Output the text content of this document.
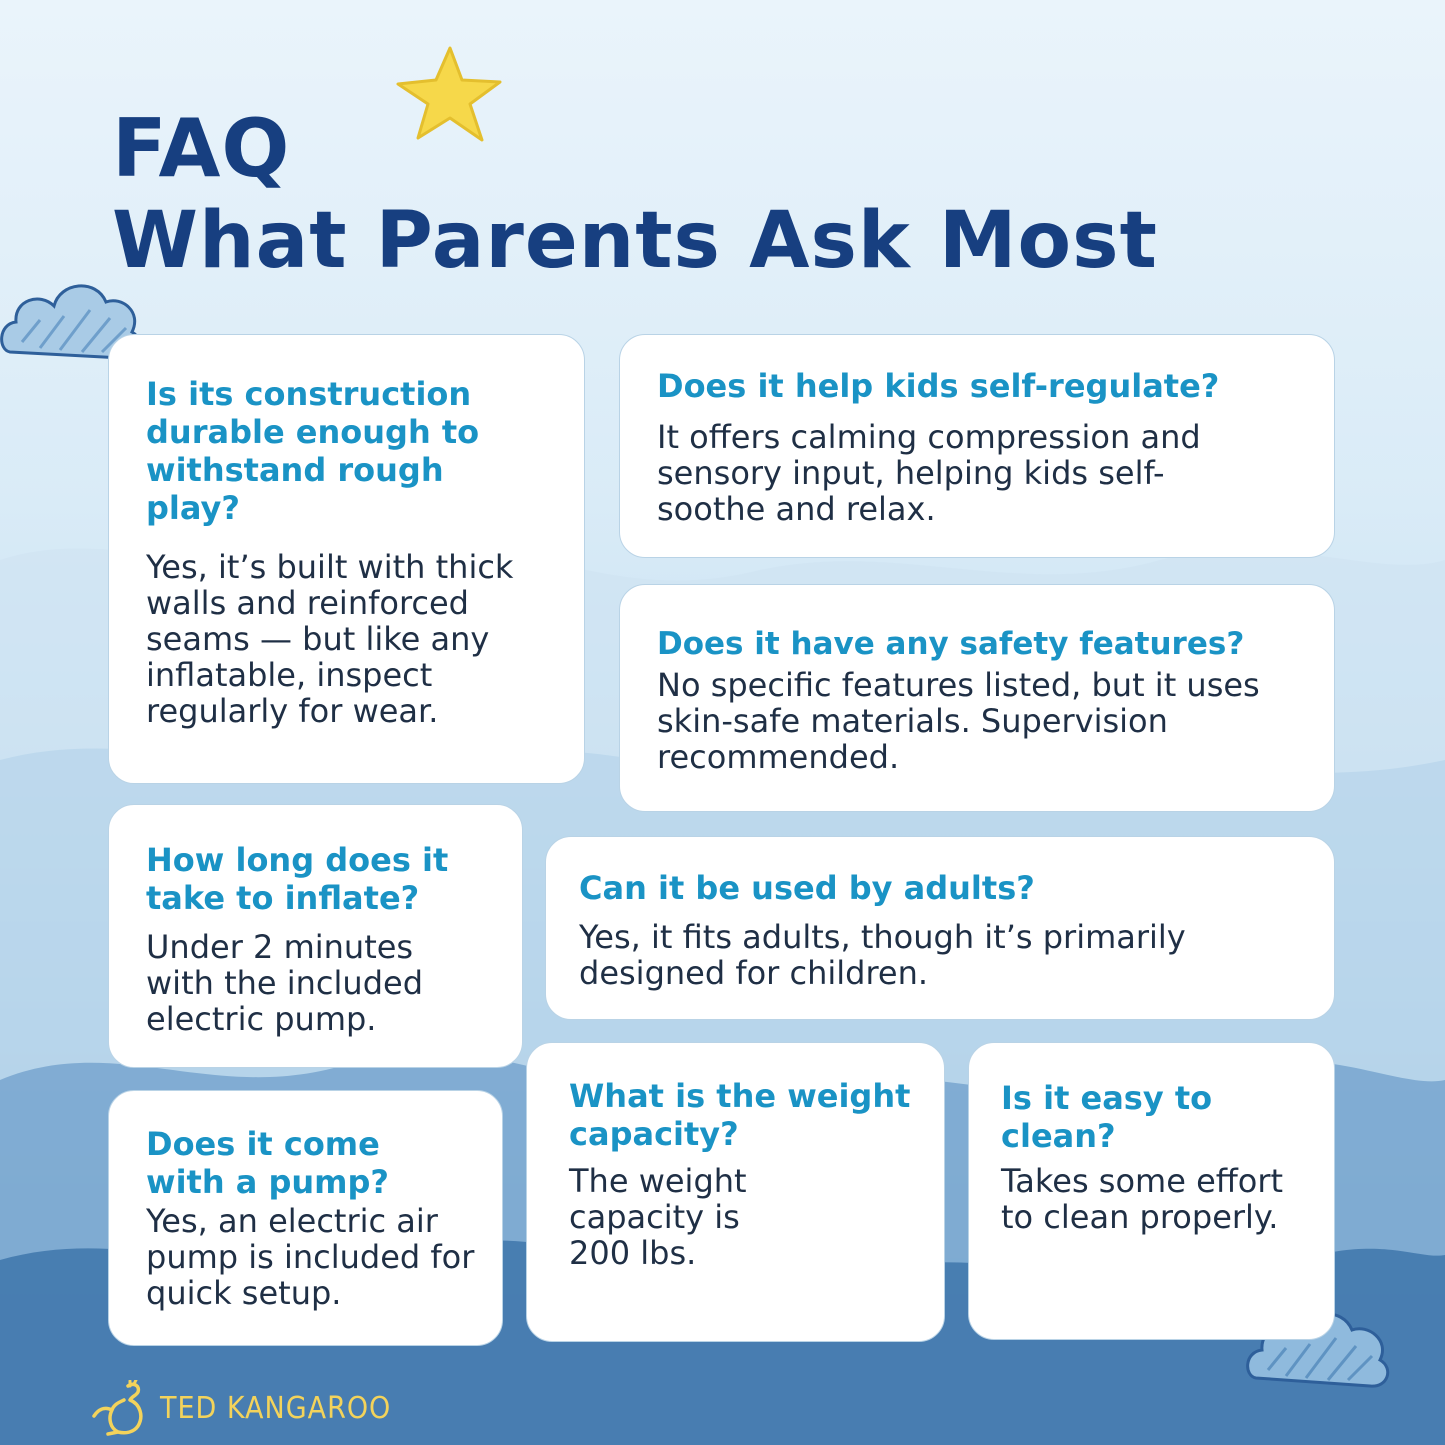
FAQ
What Parents Ask Most

Is its construction durable enough to withstand rough play?

Yes, it’s built with thick walls and reinforced seams — but like any inflatable, inspect regularly for wear.

Does it help kids self-regulate?

It offers calming compression and sensory input, helping kids self-soothe and relax.

Does it have any safety features?

No specific features listed, but it uses skin-safe materials. Supervision recommended.

How long does it take to inflate?

Under 2 minutes with the included electric pump.

Can it be used by adults?

Yes, it fits adults, though it’s primarily designed for children.

Does it come with a pump?

Yes, an electric air pump is included for quick setup.

What is the weight capacity?

The weight capacity is 200 lbs.

Is it easy to clean?

Takes some effort to clean properly.

TED KANGAROO
